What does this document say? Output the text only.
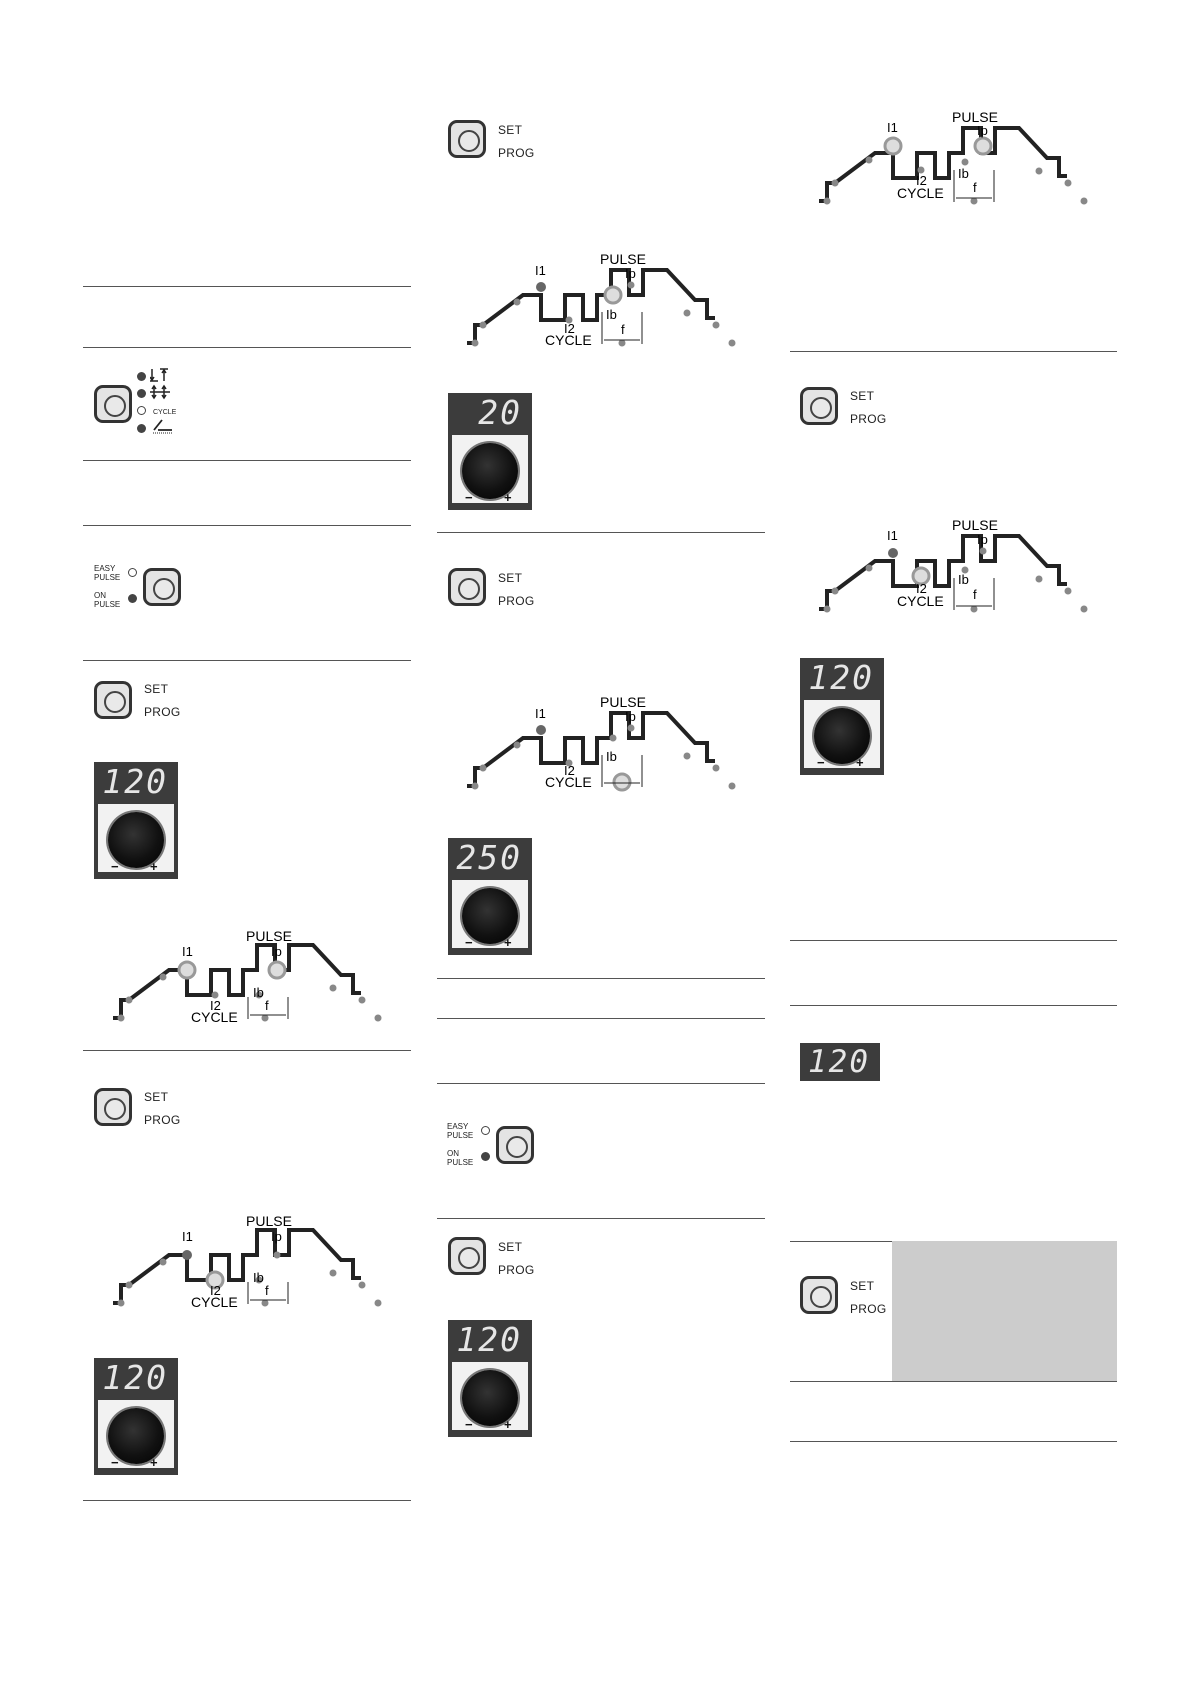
CYCLE
EASY PULSE
ON PULSE
SET
PROG
120
− +
PULSE
Ip
I1
I2
CYCLE
Ib
f
SET
PROG
PULSE
Ip
I1
I2
CYCLE
Ib
f
120
− +
SET
PROG
PULSE
Ip
I1
I2
CYCLE
Ib
f
20
− +
SET
PROG
PULSE
Ip
I1
I2
CYCLE
Ib
250
− +
EASY PULSE
ON PULSE
SET
PROG
120
− +
PULSE
Ip
I1
I2
CYCLE
Ib
f
SET
PROG
PULSE
Ip
I1
I2
CYCLE
Ib
f
120
− +
120
SET
PROG
